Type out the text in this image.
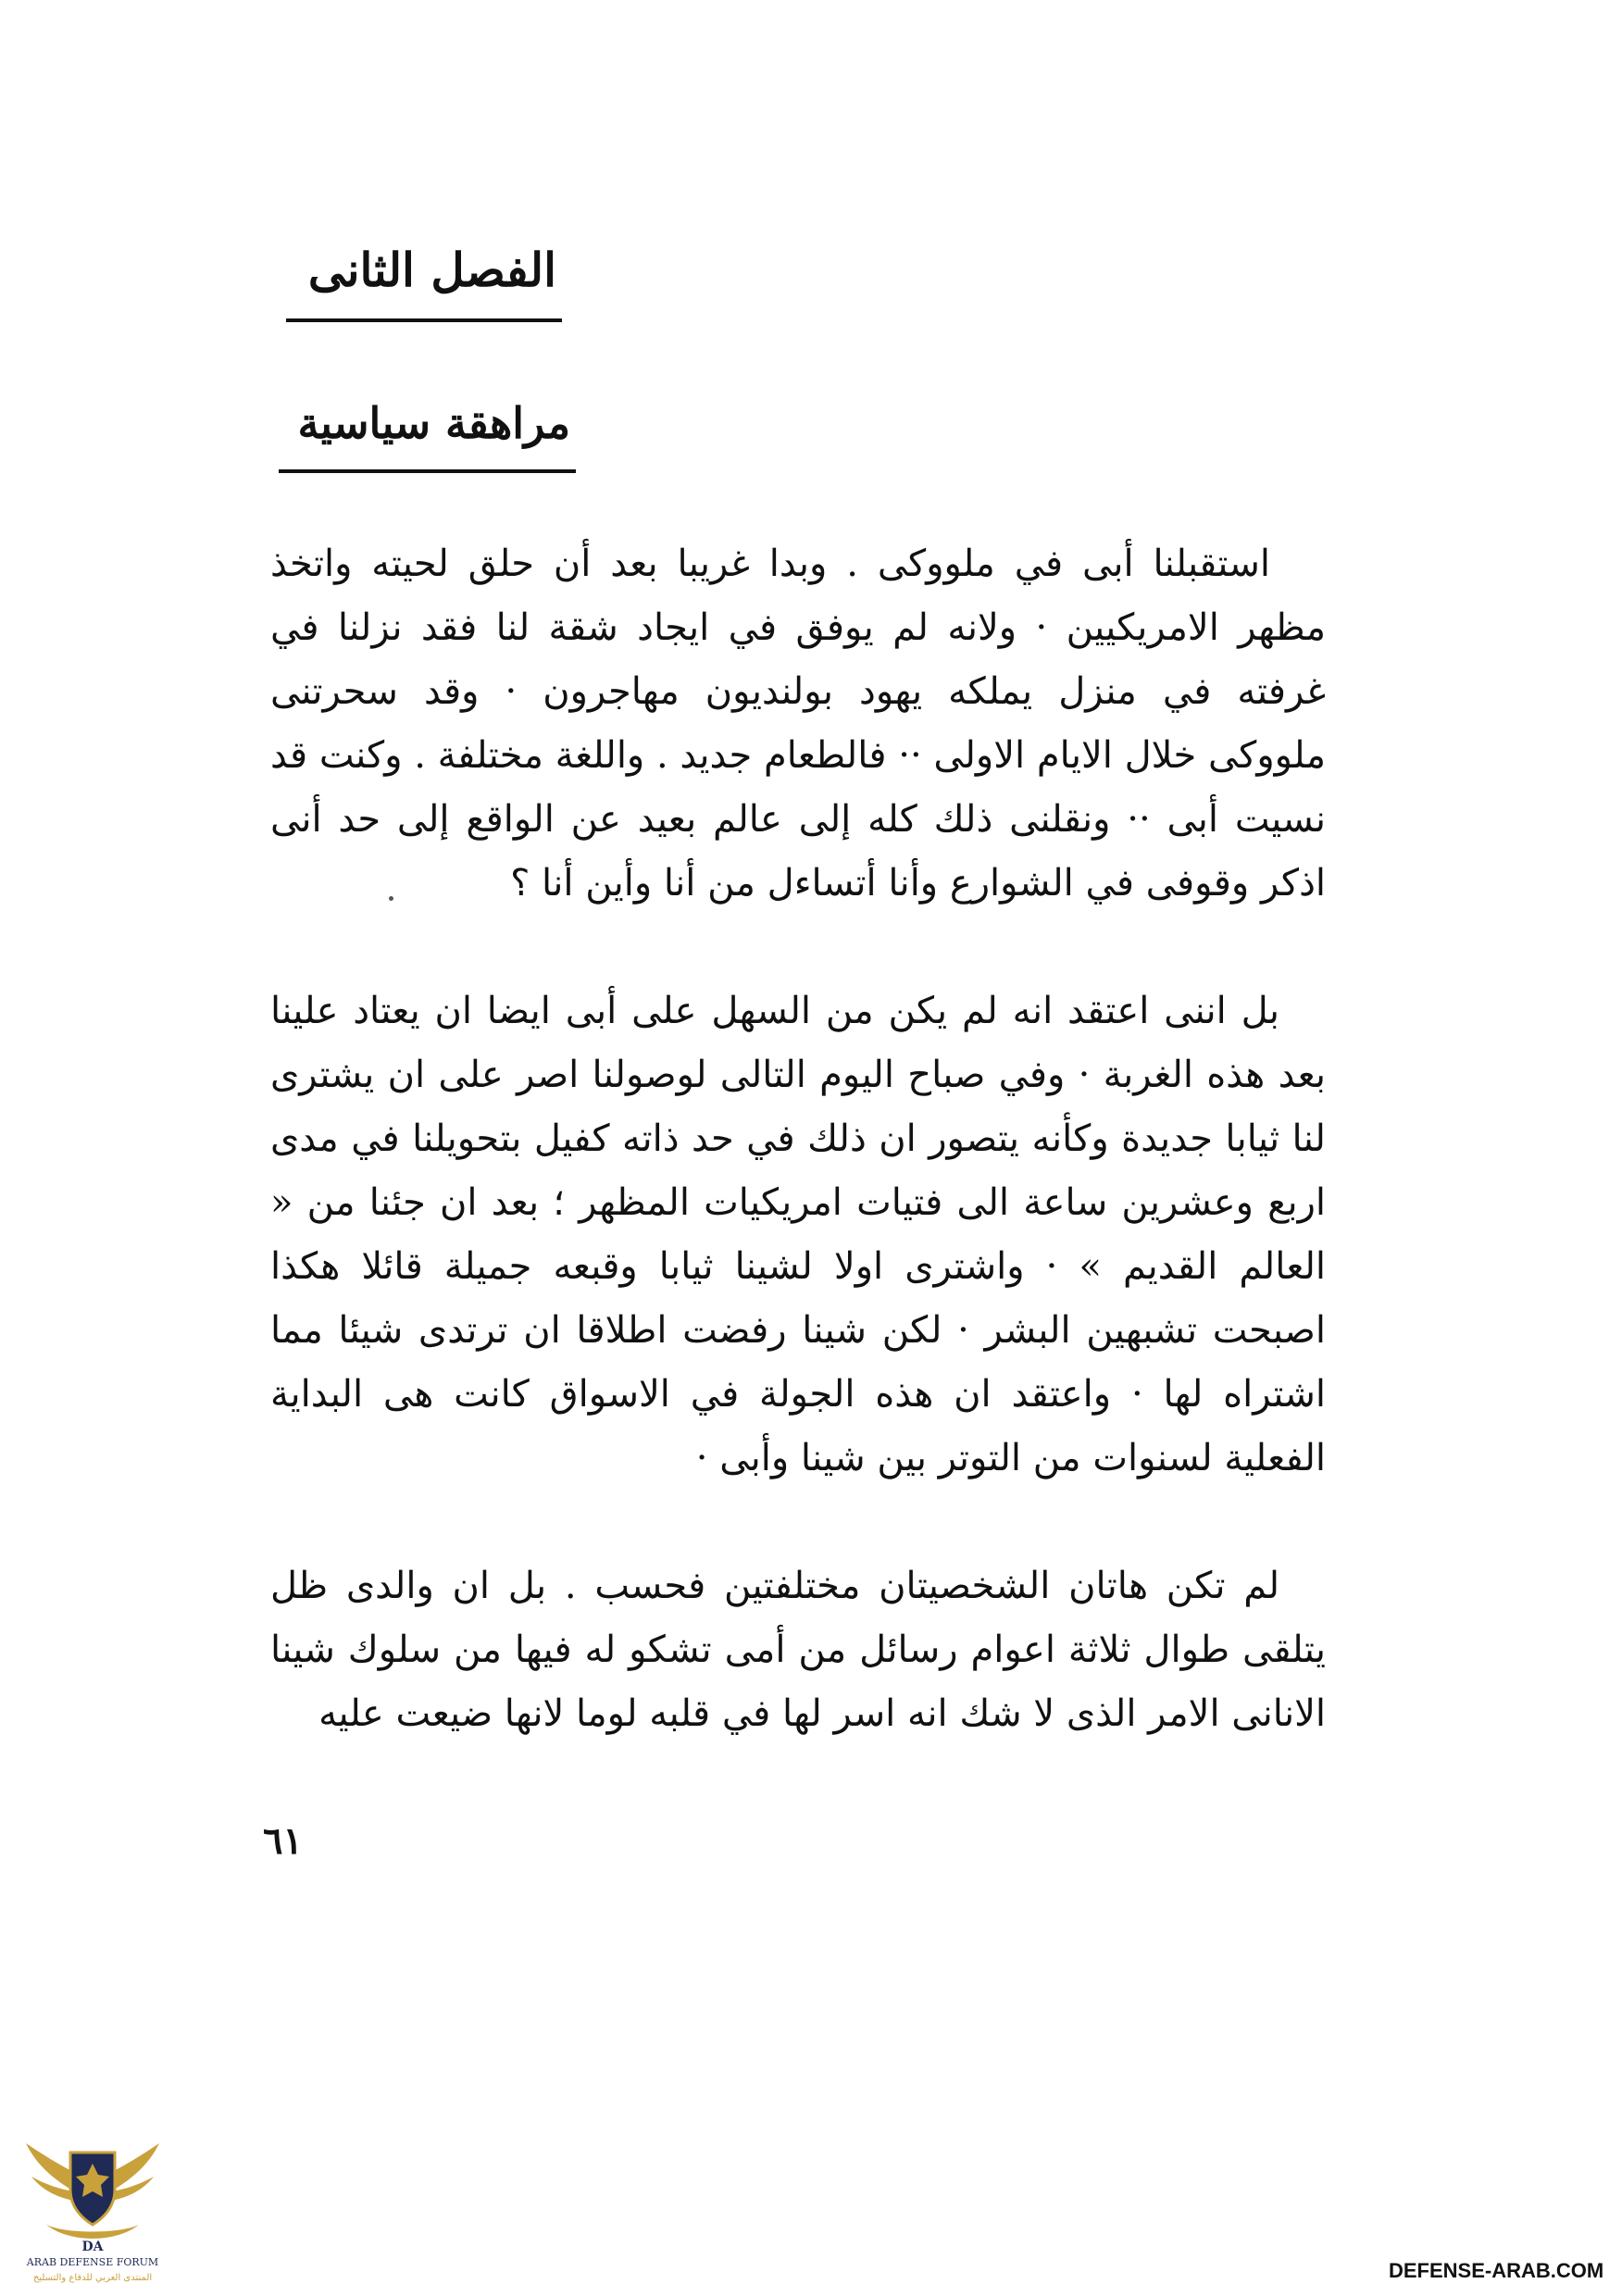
الفصل الثانى
مراهقة سياسية

استقبلنا أبى في ملووكى . وبدا غريبا بعد أن حلق لحيته واتخذ مظهر الامريكيين · ولانه لم يوفق في ايجاد شقة لنا فقد نزلنا في غرفته في منزل يملكه يهود بولنديون مهاجرون · وقد سحرتنى ملووكى خلال الايام الاولى ·· فالطعام جديد . واللغة مختلفة . وكنت قد نسيت أبى ·· ونقلنى ذلك كله إلى عالم بعيد عن الواقع إلى حد أنى اذكر وقوفى في الشوارع وأنا أتساءل من أنا وأين أنا ؟

بل اننى اعتقد انه لم يكن من السهل على أبى ايضا ان يعتاد علينا بعد هذه الغربة · وفي صباح اليوم التالى لوصولنا اصر على ان يشترى لنا ثيابا جديدة وكأنه يتصور ان ذلك في حد ذاته كفيل بتحويلنا في مدى اربع وعشرين ساعة الى فتيات امريكيات المظهر ؛ بعد ان جئنا من « العالم القديم » · واشترى اولا لشينا ثيابا وقبعه جميلة قائلا هكذا اصبحت تشبهين البشر · لكن شينا رفضت اطلاقا ان ترتدى شيئا مما اشتراه لها · واعتقد ان هذه الجولة في الاسواق كانت هى البداية الفعلية لسنوات من التوتر بين شينا وأبى ·

لم تكن هاتان الشخصيتان مختلفتين فحسب . بل ان والدى ظل يتلقى طوال ثلاثة اعوام رسائل من أمى تشكو له فيها من سلوك شينا الانانى الامر الذى لا شك انه اسر لها في قلبه لوما لانها ضيعت عليه

٦١
DA
ARAB DEFENSE FORUM
المنتدى العربي للدفاع والتسليح	DEFENSE-ARAB.COM
